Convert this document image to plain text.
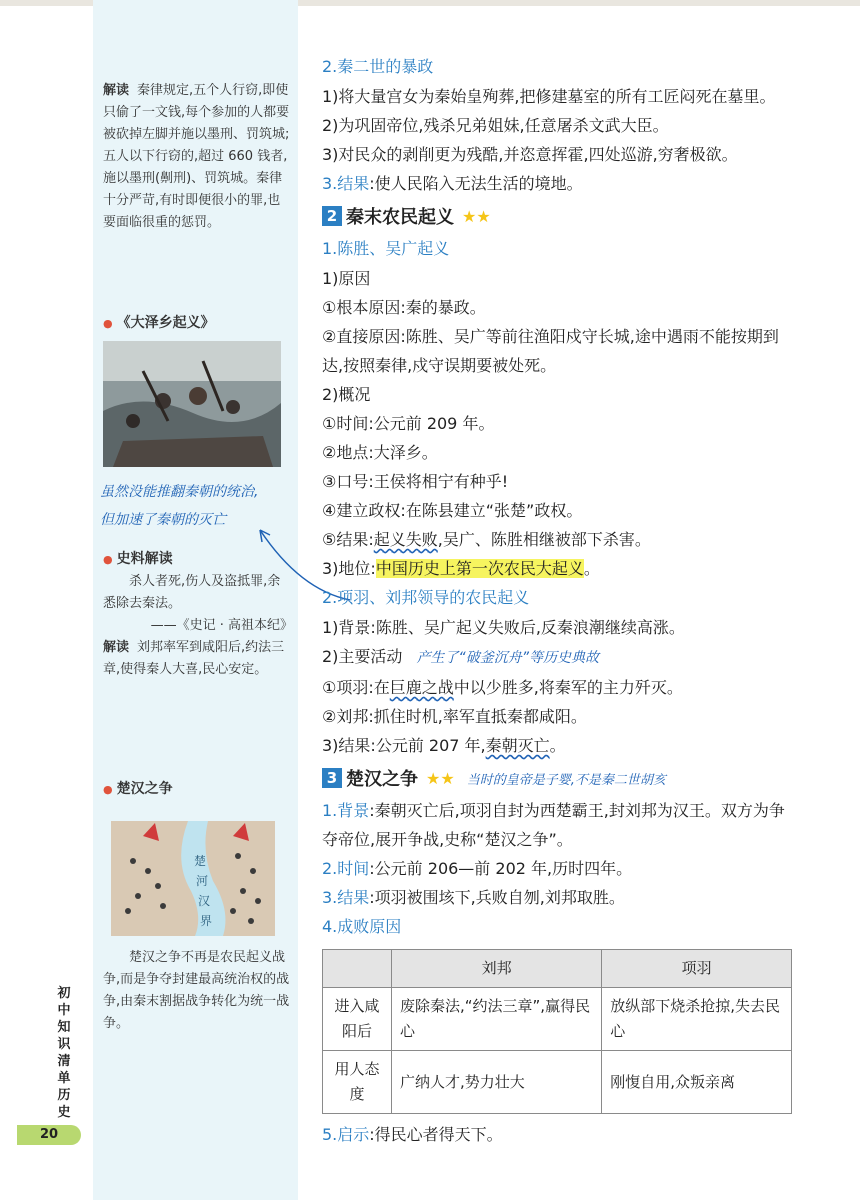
解读 秦律规定,五个人行窃,即使只偷了一文钱,每个参加的人都要被砍掉左脚并施以墨刑、罚筑城;五人以下行窃的,超过 660 钱者,施以墨刑(劓刑)、罚筑城。秦律十分严苛,有时即便很小的罪,也要面临很重的惩罚。
● 《大泽乡起义》
虽然没能推翻秦朝的统治,
但加速了秦朝的灭亡
● 史料解读
杀人者死,伤人及盗抵罪,余悉除去秦法。
——《史记 · 高祖本纪》
解读 刘邦率军到咸阳后,约法三章,使得秦人大喜,民心安定。
● 楚汉之争
楚
河
汉
界
楚汉之争不再是农民起义战争,而是争夺封建最高统治权的战争,由秦末割据战争转化为统一战争。
初中知识清单 历史
20

2.秦二世的暴政

1)将大量宫女为秦始皇殉葬,把修建墓室的所有工匠闷死在墓里。

2)为巩固帝位,残杀兄弟姐妹,任意屠杀文武大臣。

3)对民众的剥削更为残酷,并恣意挥霍,四处巡游,穷奢极欲。

3.结果:使人民陷入无法生活的境地。

2 秦末农民起义 ★★

1.陈胜、吴广起义

1)原因

①根本原因:秦的暴政。

②直接原因:陈胜、吴广等前往渔阳戍守长城,途中遇雨不能按期到达,按照秦律,戍守误期要被处死。

2)概况

①时间:公元前 209 年。

②地点:大泽乡。

③口号:王侯将相宁有种乎!

④建立政权:在陈县建立“张楚”政权。

⑤结果:起义失败,吴广、陈胜相继被部下杀害。

3)地位:中国历史上第一次农民大起义。

2.项羽、刘邦领导的农民起义

1)背景:陈胜、吴广起义失败后,反秦浪潮继续高涨。

2)主要活动 产生了“破釜沉舟”等历史典故

①项羽:在巨鹿之战中以少胜多,将秦军的主力歼灭。

②刘邦:抓住时机,率军直抵秦都咸阳。

3)结果:公元前 207 年,秦朝灭亡。

3 楚汉之争 ★★ 当时的皇帝是子婴,不是秦二世胡亥

1.背景:秦朝灭亡后,项羽自封为西楚霸王,封刘邦为汉王。双方为争夺帝位,展开争战,史称“楚汉之争”。

2.时间:公元前 206—前 202 年,历时四年。

3.结果:项羽被围垓下,兵败自刎,刘邦取胜。

4.成败原因

	刘邦	项羽
进入咸阳后	废除秦法,“约法三章”,赢得民心	放纵部下烧杀抢掠,失去民心
用人态度	广纳人才,势力壮大	刚愎自用,众叛亲离

5.启示:得民心者得天下。
